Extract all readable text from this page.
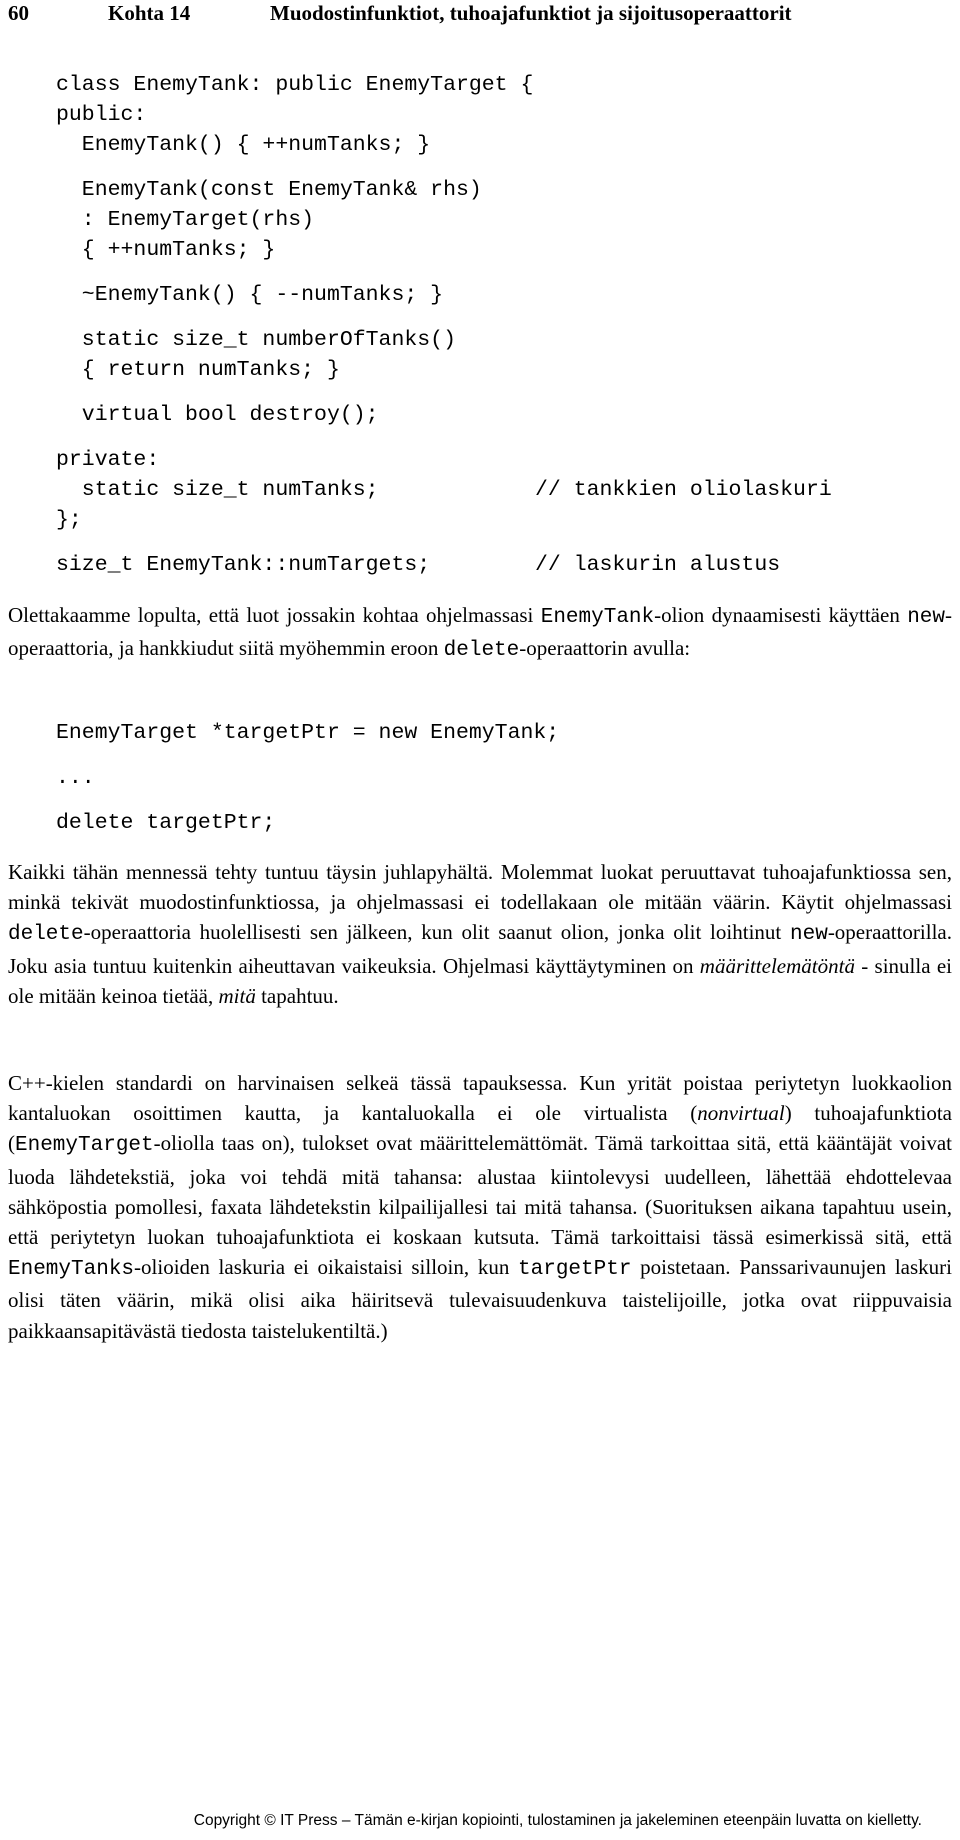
60	Kohta 14	Muodostinfunktiot, tuhoajafunktiot ja sijoitusoperaattorit
class EnemyTank: public EnemyTarget {
public:
EnemyTank() { ++numTanks; }
EnemyTank(const EnemyTank& rhs)
: EnemyTarget(rhs)
{ ++numTanks; }
~EnemyTank() { --numTanks; }
static size_t numberOfTanks()
{ return numTanks; }
virtual bool destroy();
private:
static size_t numTanks;	// tankkien oliolaskuri
};
size_t EnemyTank::numTargets;	// laskurin alustus
Olettakaamme lopulta, että luot jossakin kohtaa ohjelmassasi EnemyTank-olion dynaamisesti käyttäen new-operaattoria, ja hankkiudut siitä myöhemmin eroon delete-operaattorin avulla:
EnemyTarget *targetPtr = new EnemyTank;
...
delete targetPtr;
Kaikki tähän mennessä tehty tuntuu täysin juhlapyhältä. Molemmat luokat peruuttavat tuhoajafunktiossa sen, minkä tekivät muodostinfunktiossa, ja ohjelmassasi ei todellakaan ole mitään väärin. Käytit ohjelmassasi delete-operaattoria huolellisesti sen jälkeen, kun olit saanut olion, jonka olit loihtinut new-operaattorilla. Joku asia tuntuu kuitenkin aiheuttavan vaikeuksia. Ohjelmasi käyttäytyminen on määrittelemätöntä - sinulla ei ole mitään keinoa tietää, mitä tapahtuu.
C++-kielen standardi on harvinaisen selkeä tässä tapauksessa. Kun yrität poistaa periytetyn luokkaolion kantaluokan osoittimen kautta, ja kantaluokalla ei ole virtualista (nonvirtual) tuhoajafunktiota (EnemyTarget-oliolla taas on), tulokset ovat määrittelemättömät. Tämä tarkoittaa sitä, että kääntäjät voivat luoda lähdetekstiä, joka voi tehdä mitä tahansa: alustaa kiintolevysi uudelleen, lähettää ehdottelevaa sähköpostia pomollesi, faxata lähdetekstin kilpailijallesi tai mitä tahansa. (Suorituksen aikana tapahtuu usein, että periytetyn luokan tuhoajafunktiota ei koskaan kutsuta. Tämä tarkoittaisi tässä esimerkissä sitä, että EnemyTanks-olioiden laskuria ei oikaistaisi silloin, kun targetPtr poistetaan. Panssarivaunujen laskuri olisi täten väärin, mikä olisi aika häiritsevä tulevaisuudenkuva taistelijoille, jotka ovat riippuvaisia paikkaansapitävästä tiedosta taistelukentiltä.)
Copyright © IT Press – Tämän e-kirjan kopiointi, tulostaminen ja jakeleminen eteenpäin luvatta on kielletty.
